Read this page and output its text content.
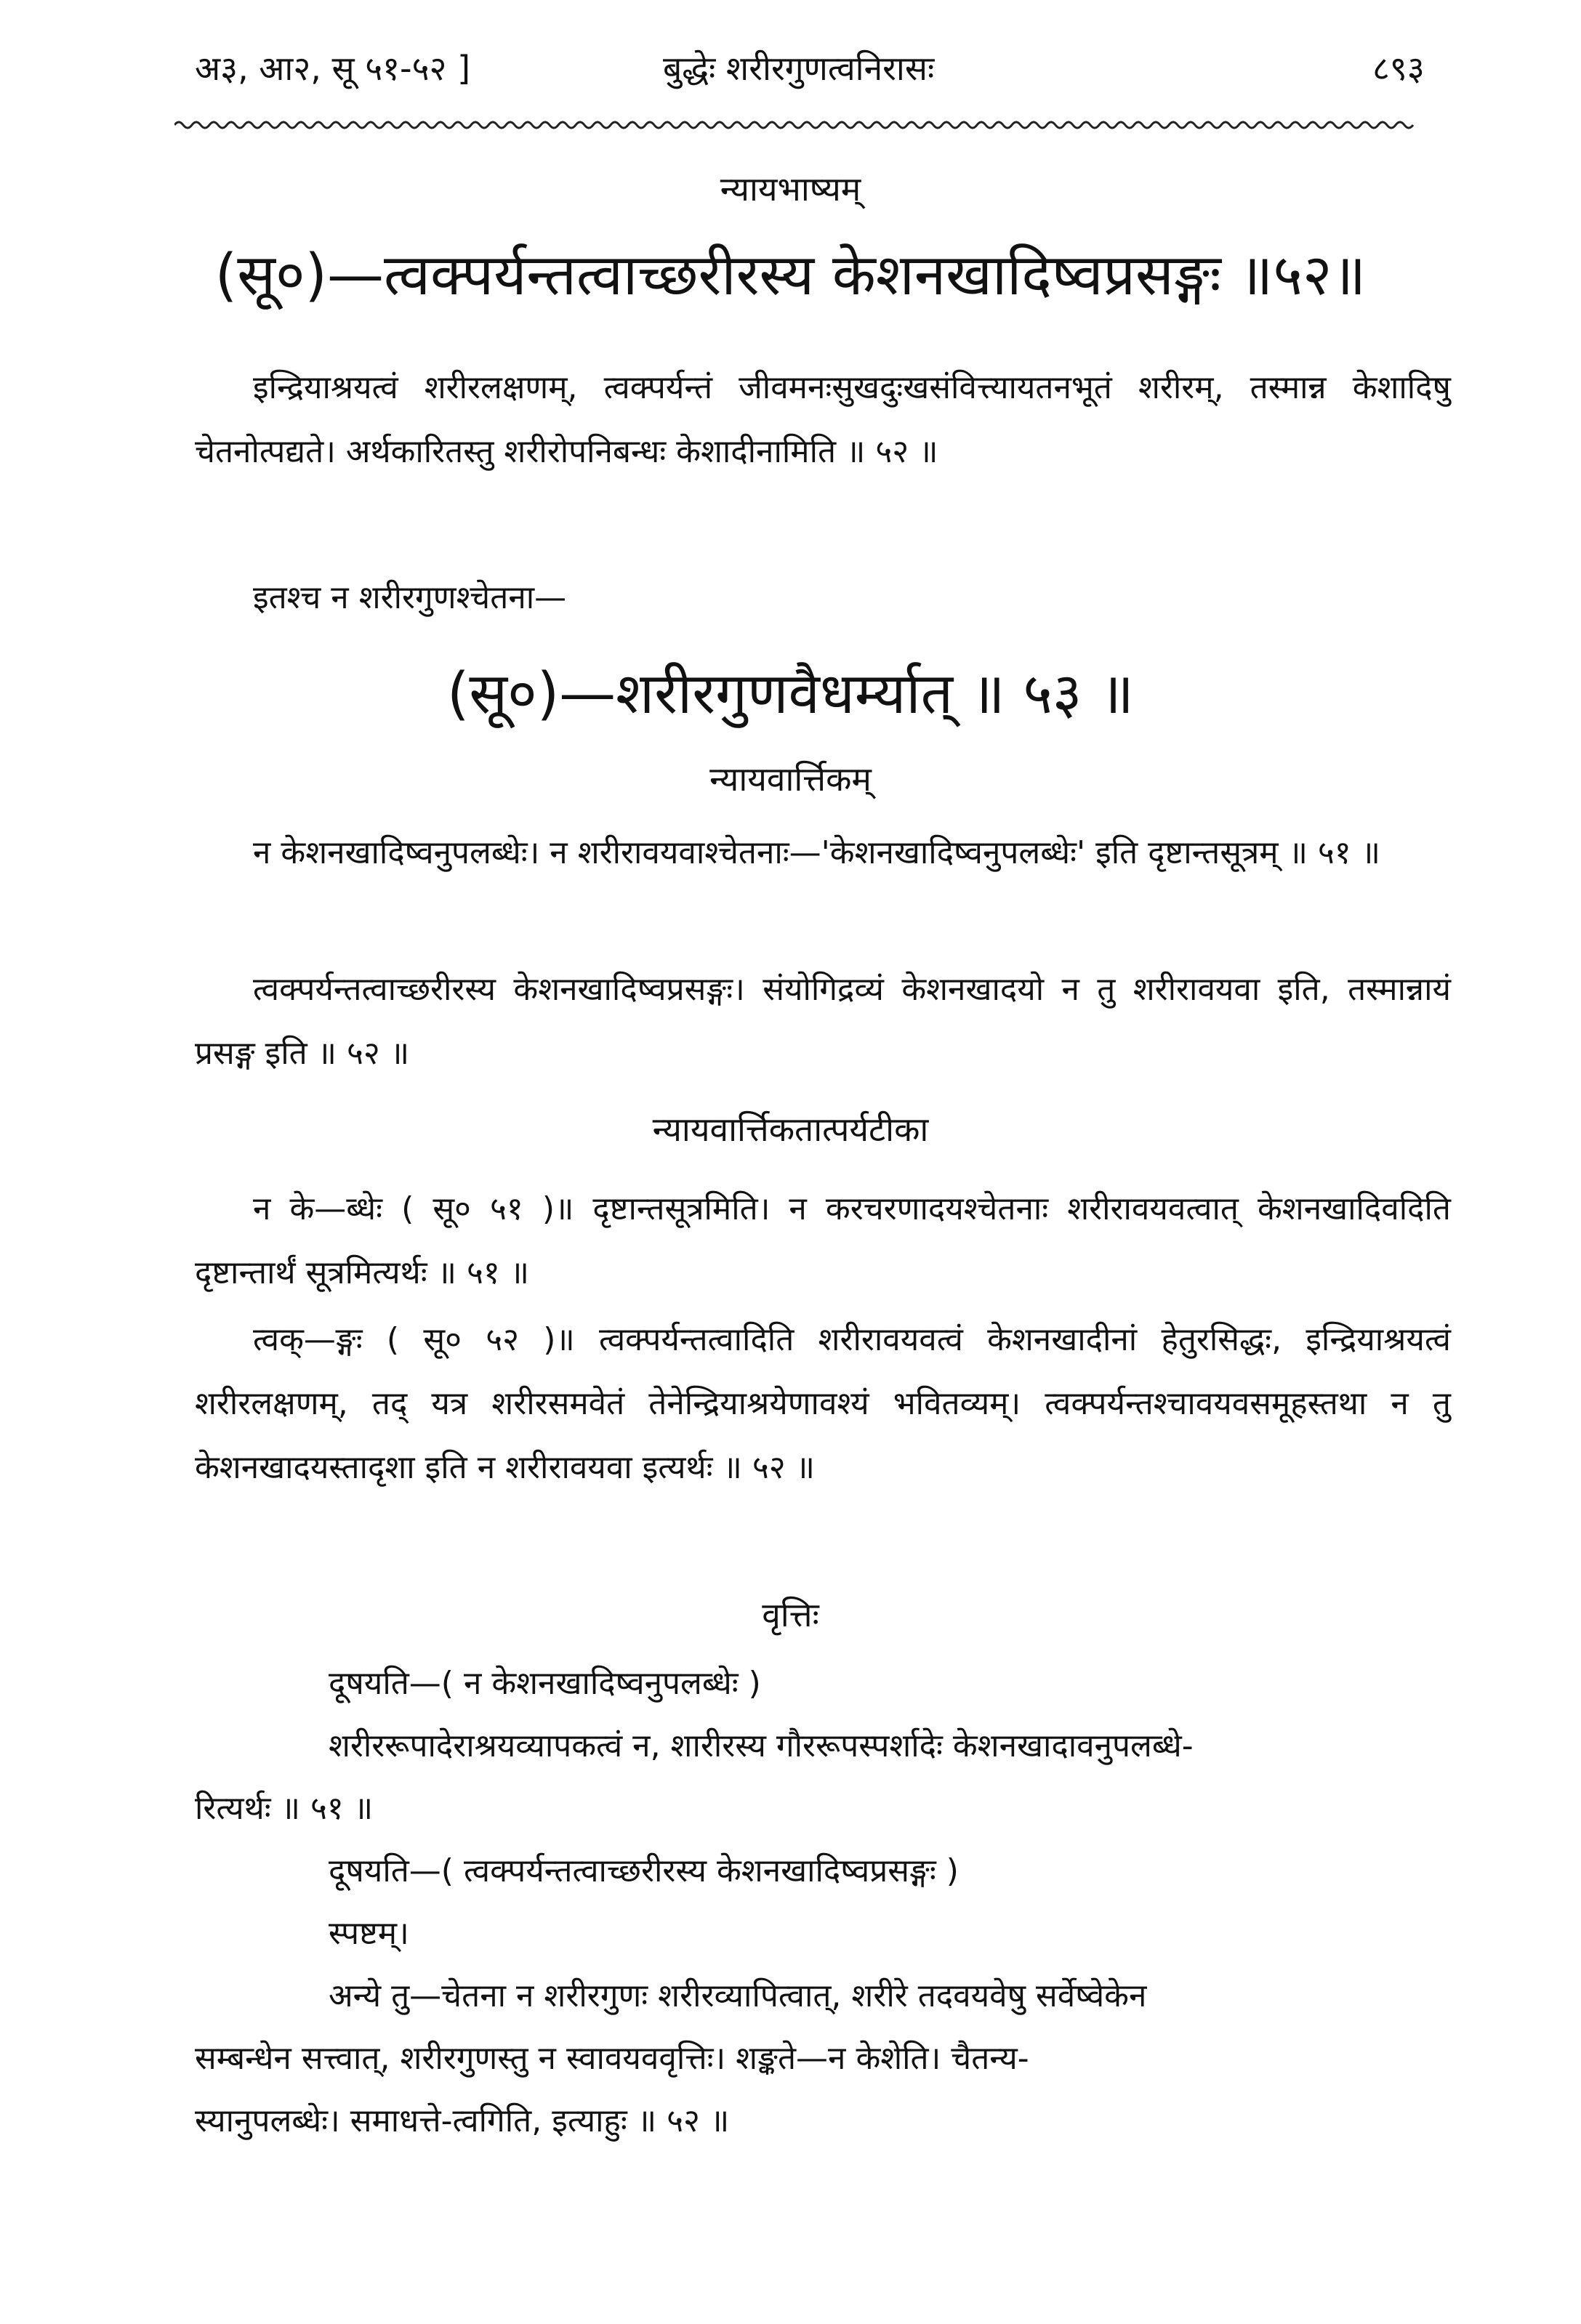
अ३, आ२, सू ५१-५२ ]	बुद्धेः शरीरगुणत्वनिरासः	८९३
न्यायभाष्यम्
(सू०)—त्वक्पर्यन्तत्वाच्छरीरस्य केशनखादिष्वप्रसङ्गः ॥५२॥
इन्द्रियाश्रयत्वं शरीरलक्षणम्, त्वक्पर्यन्तं जीवमनःसुखदुःखसंवित्त्यायतनभूतं शरीरम्, तस्मान्न केशादिषु चेतनोत्पद्यते। अर्थकारितस्तु शरीरोपनिबन्धः केशादीनामिति ॥ ५२ ॥
इतश्च न शरीरगुणश्चेतना—
(सू०)—शरीरगुणवैधर्म्यात् ॥ ५३ ॥
न्यायवार्त्तिकम्
न केशनखादिष्वनुपलब्धेः। न शरीरावयवाश्चेतनाः—'केशनखादिष्वनुपलब्धेः' इति दृष्टान्तसूत्रम् ॥ ५१ ॥
त्वक्पर्यन्तत्वाच्छरीरस्य केशनखादिष्वप्रसङ्गः। संयोगिद्रव्यं केशनखादयो न तु शरीरावयवा इति, तस्मान्नायं प्रसङ्ग इति ॥ ५२ ॥
न्यायवार्त्तिकतात्पर्यटीका
न के—ब्धेः ( सू० ५१ )॥ दृष्टान्तसूत्रमिति। न करचरणादयश्चेतनाः शरीरावयवत्वात् केशनखादिवदिति दृष्टान्तार्थं सूत्रमित्यर्थः ॥ ५१ ॥
त्वक्—ङ्गः ( सू० ५२ )॥ त्वक्पर्यन्तत्वादिति शरीरावयवत्वं केशनखादीनां हेतुरसिद्धः, इन्द्रियाश्रयत्वं शरीरलक्षणम्, तद् यत्र शरीरसमवेतं तेनेन्द्रियाश्रयेणावश्यं भवितव्यम्। त्वक्पर्यन्तश्चावयवसमूहस्तथा न तु केशनखादयस्तादृशा इति न शरीरावयवा इत्यर्थः ॥ ५२ ॥
वृत्तिः
दूषयति—( न केशनखादिष्वनुपलब्धेः )
शरीररूपादेराश्रयव्यापकत्वं न, शारीरस्य गौररूपस्पर्शादेः केशनखादावनुपलब्धे-
रित्यर्थः ॥ ५१ ॥
दूषयति—( त्वक्पर्यन्तत्वाच्छरीरस्य केशनखादिष्वप्रसङ्गः )
स्पष्टम्।
अन्ये तु—चेतना न शरीरगुणः शरीरव्यापित्वात्, शरीरे तदवयवेषु सर्वेष्वेकेन
सम्बन्धेन सत्त्वात्, शरीरगुणस्तु न स्वावयववृत्तिः। शङ्कते—न केशेति। चैतन्य-
स्यानुपलब्धेः। समाधत्ते-त्वगिति, इत्याहुः ॥ ५२ ॥
